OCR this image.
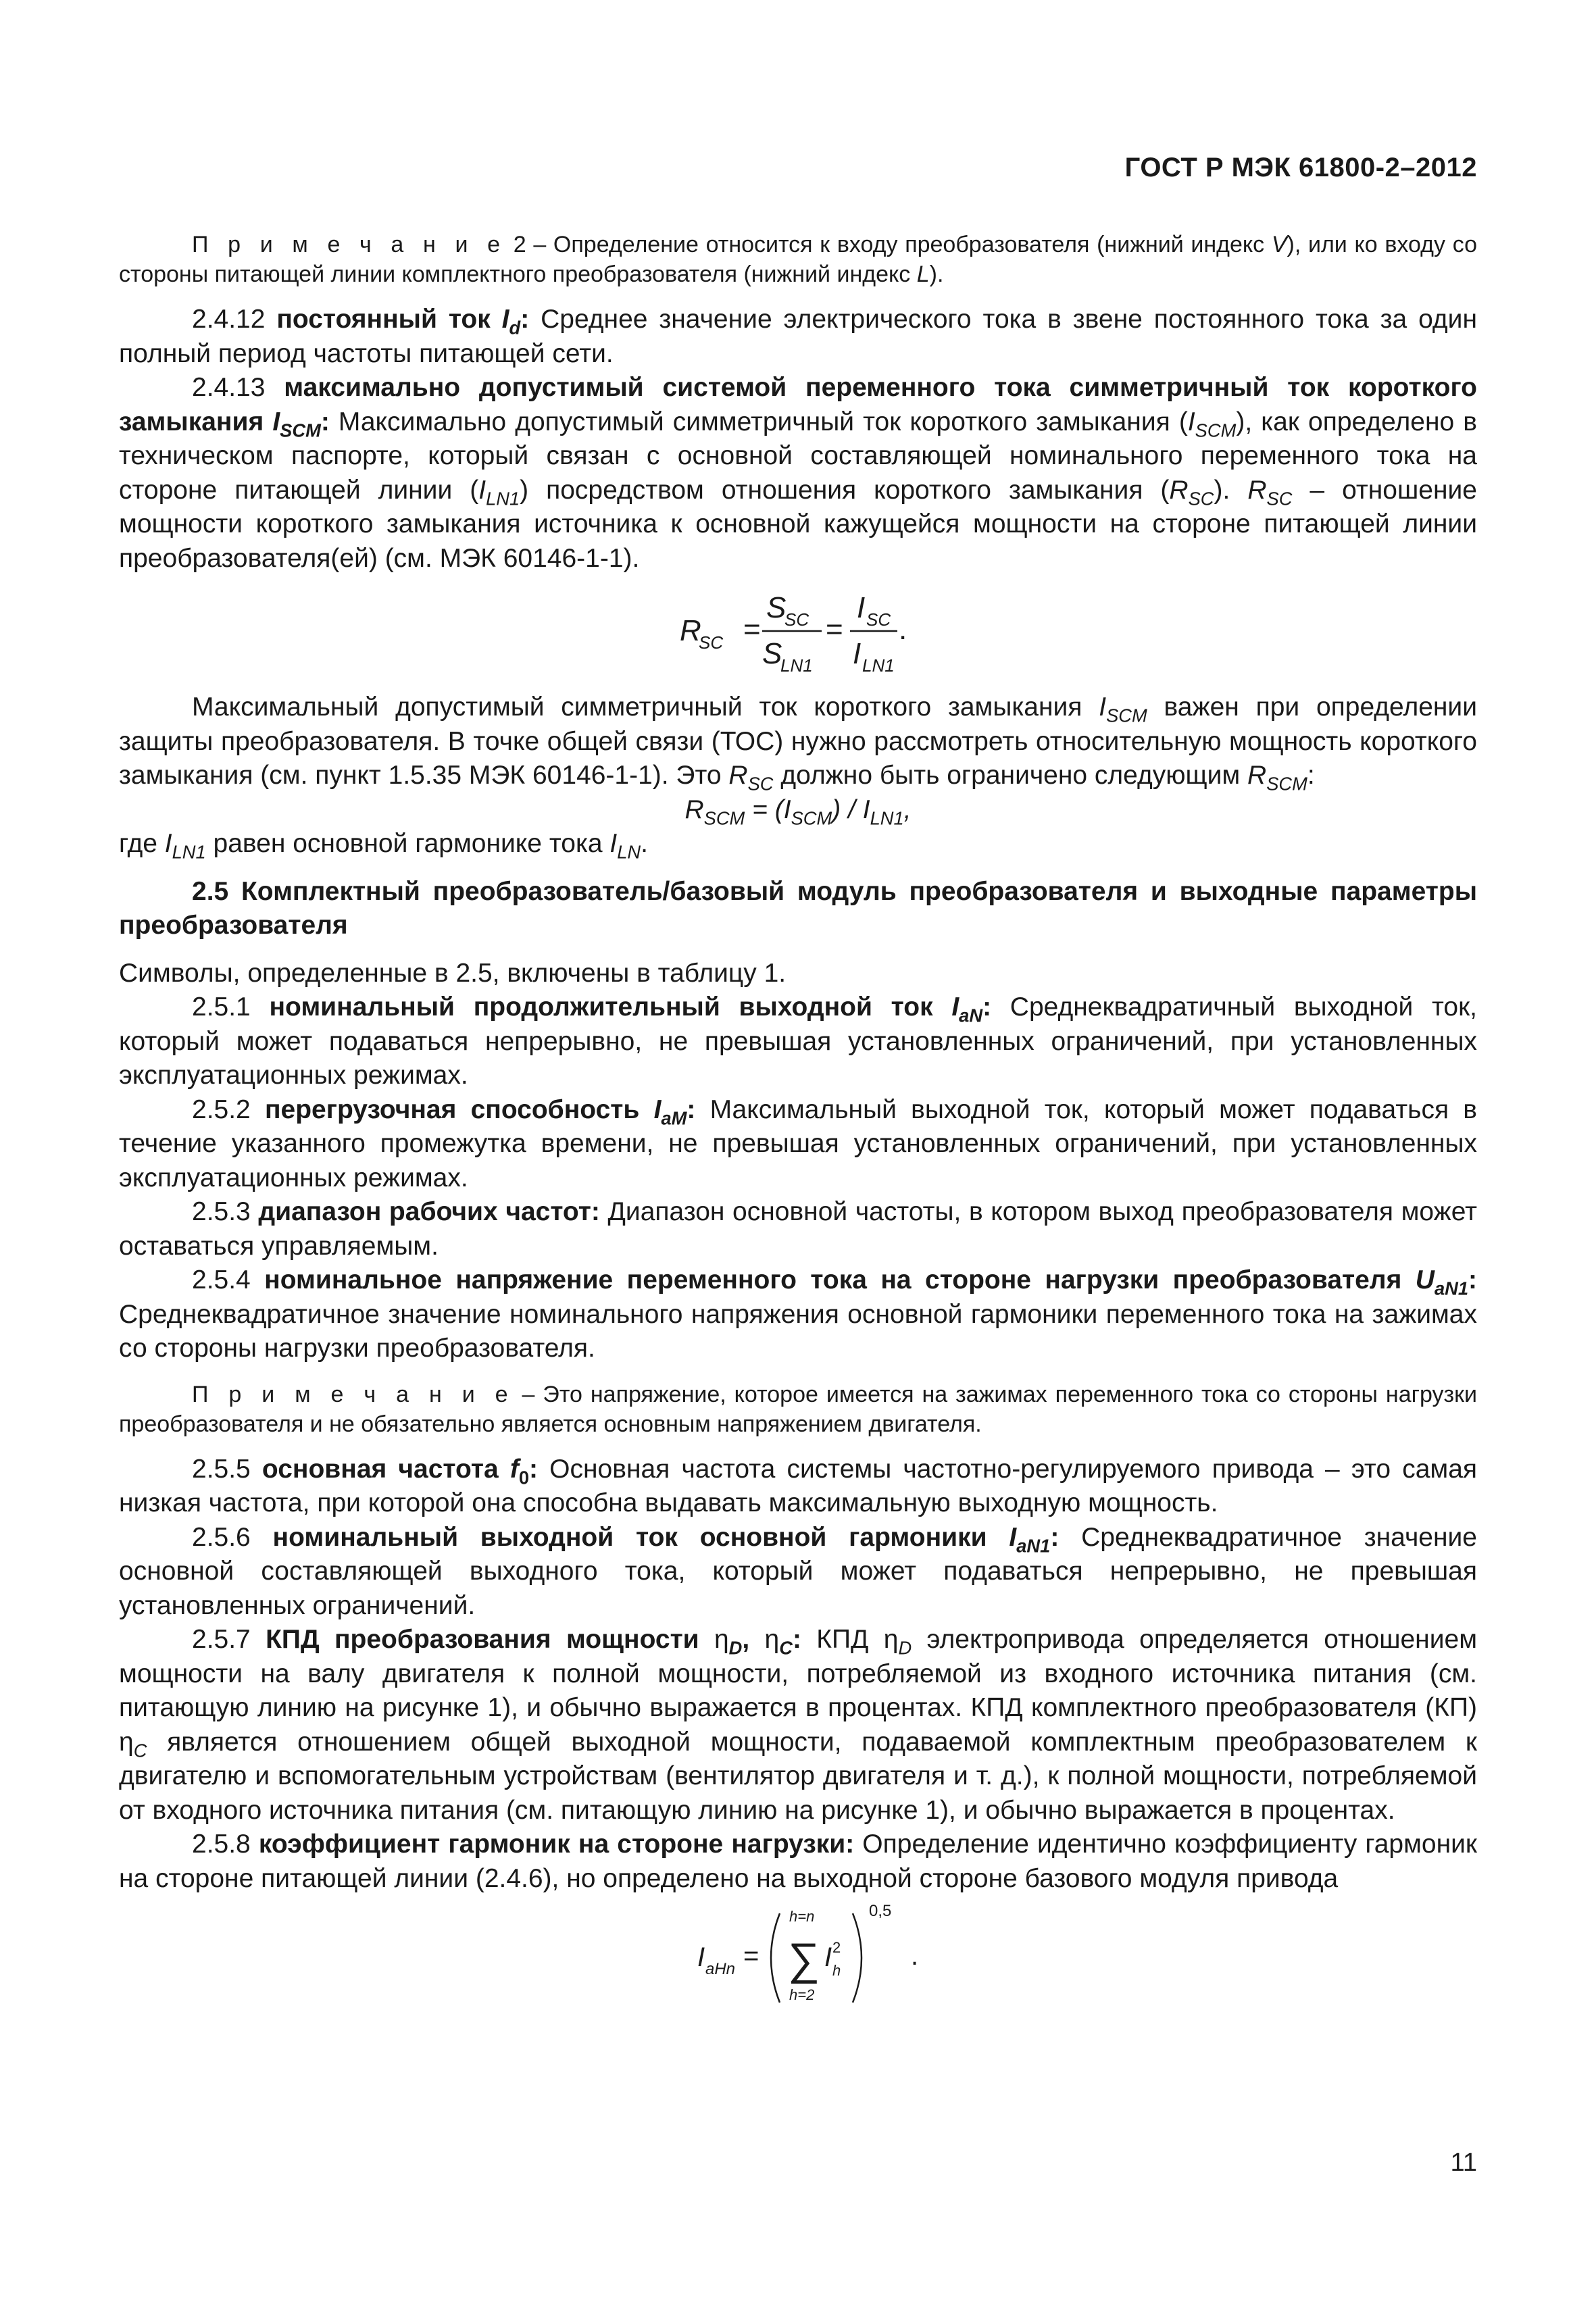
ГОСТ Р МЭК 61800-2–2012

П р и м е ч а н и е 2 – Определение относится к входу преобразователя (нижний индекс V), или ко входу со стороны питающей линии комплектного преобразователя (нижний индекс L).

2.4.12 постоянный ток $I_d$: Среднее значение электрического тока в звене постоянного тока за один полный период частоты питающей сети.

2.4.13 максимально допустимый системой переменного тока симметричный ток короткого замыкания $I_{SCM}$: Максимально допустимый симметричный ток короткого замыкания $(I_{SCM})$, как определено в техническом паспорте, который связан с основной составляющей номинального переменного тока на стороне питающей линии $(I_{LN1})$ посредством отношения короткого замыкания $(R_{SC})$. $R_{SC}$ – отношение мощности короткого замыкания источника к основной кажущейся мощности на стороне питающей линии преобразователя(ей) (см. МЭК 60146-1-1).

R
SC =
S
SC
S
LN1
=
I SC
I LN1
.

Максимальный допустимый симметричный ток короткого замыкания $I_{SCM}$ важен при определении защиты преобразователя. В точке общей связи (ТОС) нужно рассмотреть относительную мощность короткого замыкания (см. пункт 1.5.35 МЭК 60146-1-1). Это $R_{SC}$ должно быть ограничено следующим $R_{SCM}$:

$R_{SCM} = (I_{SCM}) / I_{LN1}$,

где $I_{LN1}$ равен основной гармонике тока $I_{LN}$.

2.5 Комплектный преобразователь/базовый модуль преобразователя и выходные параметры преобразователя

Символы, определенные в 2.5, включены в таблицу 1.

2.5.1 номинальный продолжительный выходной ток $I_{aN}$: Среднеквадратичный выходной ток, который может подаваться непрерывно, не превышая установленных ограничений, при установленных эксплуатационных режимах.

2.5.2 перегрузочная способность $I_{aM}$: Максимальный выходной ток, который может подаваться в течение указанного промежутка времени, не превышая установленных ограничений, при установленных эксплуатационных режимах.

2.5.3 диапазон рабочих частот: Диапазон основной частоты, в котором выход преобразователя может оставаться управляемым.

2.5.4 номинальное напряжение переменного тока на стороне нагрузки преобразователя $U_{aN1}$: Среднеквадратичное значение номинального напряжения основной гармоники переменного тока на зажимах со стороны нагрузки преобразователя.

П р и м е ч а н и е – Это напряжение, которое имеется на зажимах переменного тока со стороны нагрузки преобразователя и не обязательно является основным напряжением двигателя.

2.5.5 основная частота $f_0$: Основная частота системы частотно-регулируемого привода – это самая низкая частота, при которой она способна выдавать максимальную выходную мощность.

2.5.6 номинальный выходной ток основной гармоники $I_{aN1}$: Среднеквадратичное значение основной составляющей выходного тока, который может подаваться непрерывно, не превышая установленных ограничений.

2.5.7 КПД преобразования мощности $\eta_D$, $\eta_C$: КПД $\eta_D$ электропривода определяется отношением мощности на валу двигателя к полной мощности, потребляемой из входного источника питания (см. питающую линию на рисунке 1), и обычно выражается в процентах. КПД комплектного преобразователя (КП) $\eta_C$ является отношением общей выходной мощности, подаваемой комплектным преобразователем к двигателю и вспомогательным устройствам (вентилятор двигателя и т. д.), к полной мощности, потребляемой от входного источника питания (см. питающую линию на рисунке 1), и обычно выражается в процентах.

2.5.8 коэффициент гармоник на стороне нагрузки: Определение идентично коэффициенту гармоник на стороне питающей линии (2.4.6), но определено на выходной стороне базового модуля привода

I aHn =
h=n
∑
h=2
I 2
h
0,5
.
11
